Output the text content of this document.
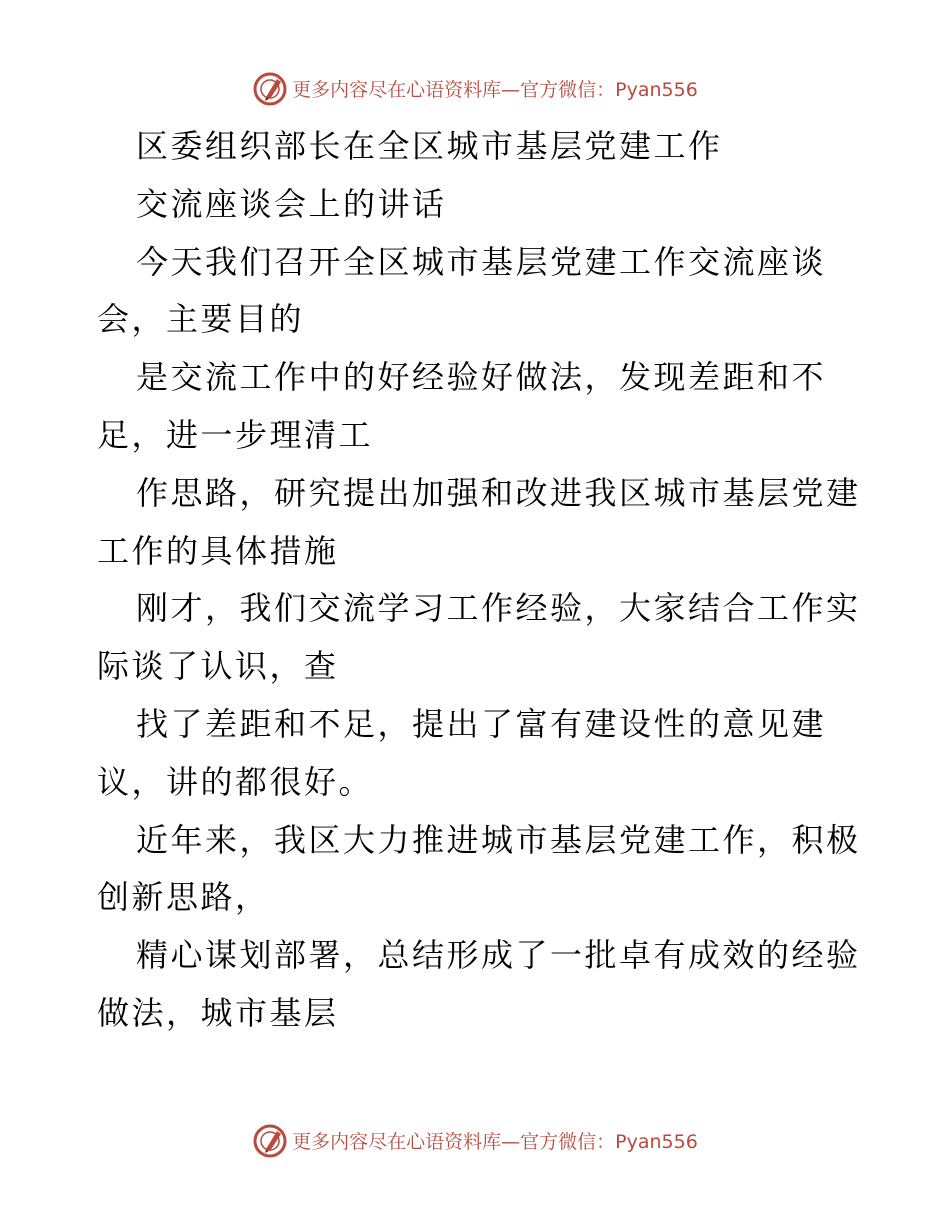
更多内容尽在心语资料库—官方微信：Pyan556
区委组织部长在全区城市基层党建工作
交流座谈会上的讲话
今天我们召开全区城市基层党建工作交流座谈
会，主要目的
是交流工作中的好经验好做法，发现差距和不
足，进一步理清工
作思路，研究提出加强和改进我区城市基层党建
工作的具体措施
刚才，我们交流学习工作经验，大家结合工作实
际谈了认识，查
找了差距和不足，提出了富有建设性的意见建
议，讲的都很好。
近年来，我区大力推进城市基层党建工作，积极
创新思路，
精心谋划部署，总结形成了一批卓有成效的经验
做法，城市基层
更多内容尽在心语资料库—官方微信：Pyan556
